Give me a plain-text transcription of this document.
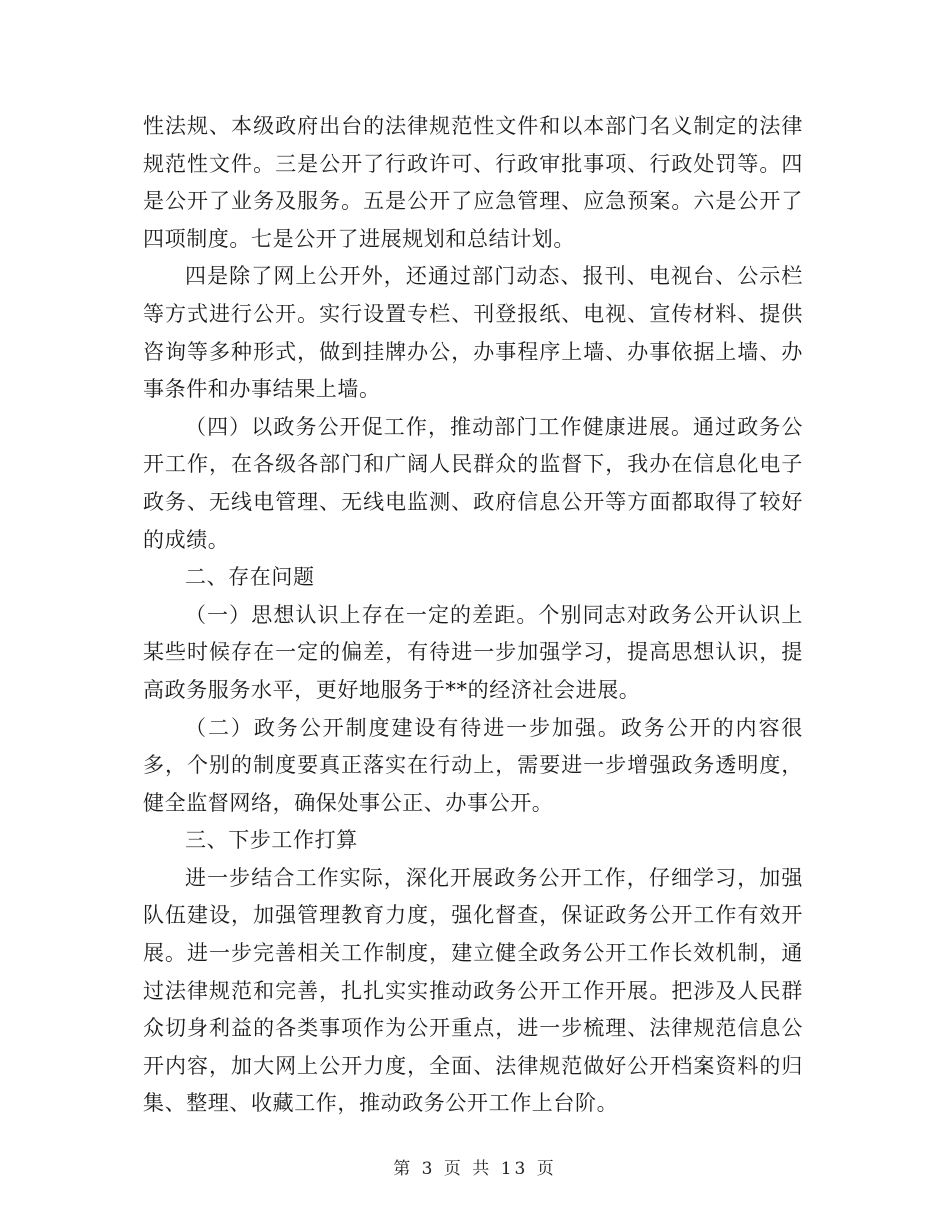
性法规、本级政府出台的法律规范性文件和以本部门名义制定的法律规范性文件。三是公开了行政许可、行政审批事项、行政处罚等。四是公开了业务及服务。五是公开了应急管理、应急预案。六是公开了四项制度。七是公开了进展规划和总结计划。

四是除了网上公开外，还通过部门动态、报刊、电视台、公示栏等方式进行公开。实行设置专栏、刊登报纸、电视、宣传材料、提供咨询等多种形式，做到挂牌办公，办事程序上墙、办事依据上墙、办事条件和办事结果上墙。

（四）以政务公开促工作，推动部门工作健康进展。通过政务公开工作，在各级各部门和广阔人民群众的监督下，我办在信息化电子政务、无线电管理、无线电监测、政府信息公开等方面都取得了较好的成绩。

二、存在问题

（一）思想认识上存在一定的差距。个别同志对政务公开认识上某些时候存在一定的偏差，有待进一步加强学习，提高思想认识，提高政务服务水平，更好地服务于**的经济社会进展。

（二）政务公开制度建设有待进一步加强。政务公开的内容很多，个别的制度要真正落实在行动上，需要进一步增强政务透明度，健全监督网络，确保处事公正、办事公开。

三、下步工作打算

进一步结合工作实际，深化开展政务公开工作，仔细学习，加强队伍建设，加强管理教育力度，强化督查，保证政务公开工作有效开展。进一步完善相关工作制度，建立健全政务公开工作长效机制，通过法律规范和完善，扎扎实实推动政务公开工作开展。把涉及人民群众切身利益的各类事项作为公开重点，进一步梳理、法律规范信息公开内容，加大网上公开力度，全面、法律规范做好公开档案资料的归集、整理、收藏工作，推动政务公开工作上台阶。

第 3 页 共 13 页
